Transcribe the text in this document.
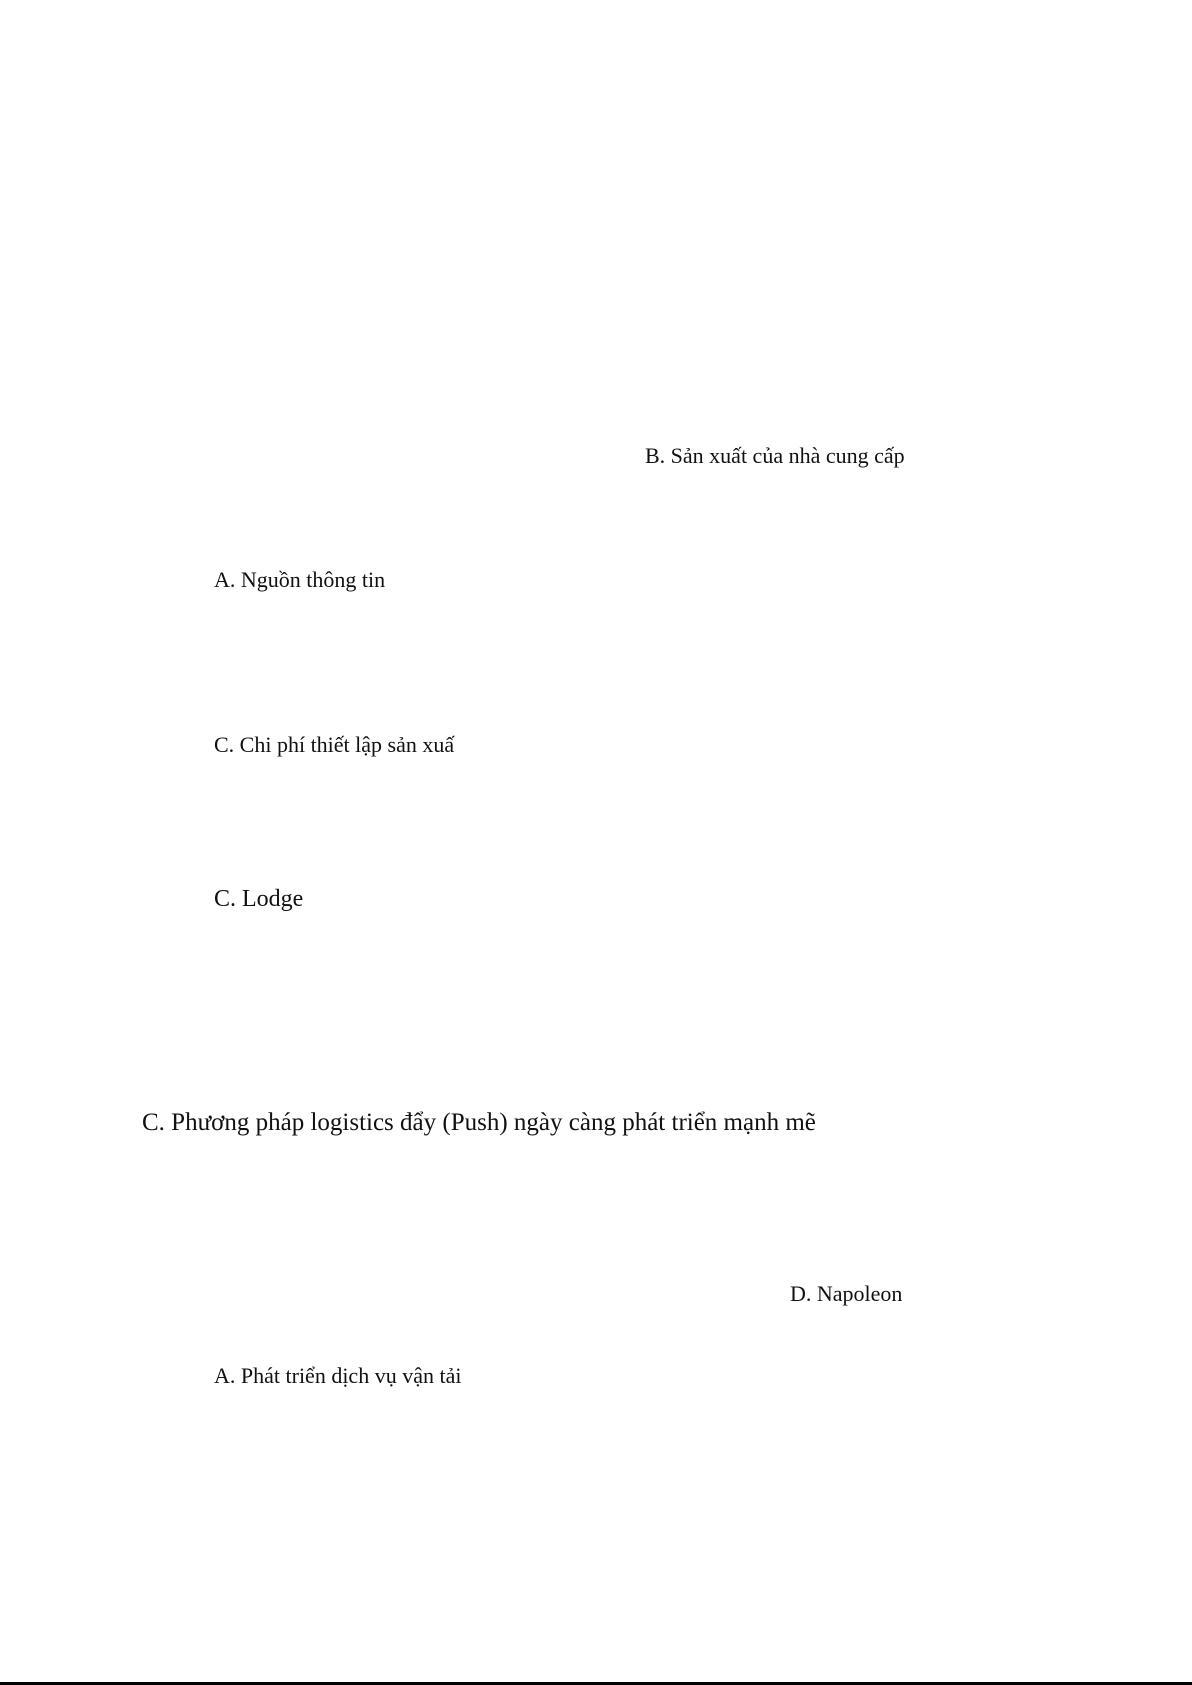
B. Sản xuất của nhà cung cấp
A. Nguồn thông tin
C. Chi phí thiết lập sản xuấ
C. Lodge
C. Phương pháp logistics đẩy (Push) ngày càng phát triển mạnh mẽ
D. Napoleon
A. Phát triển dịch vụ vận tải
